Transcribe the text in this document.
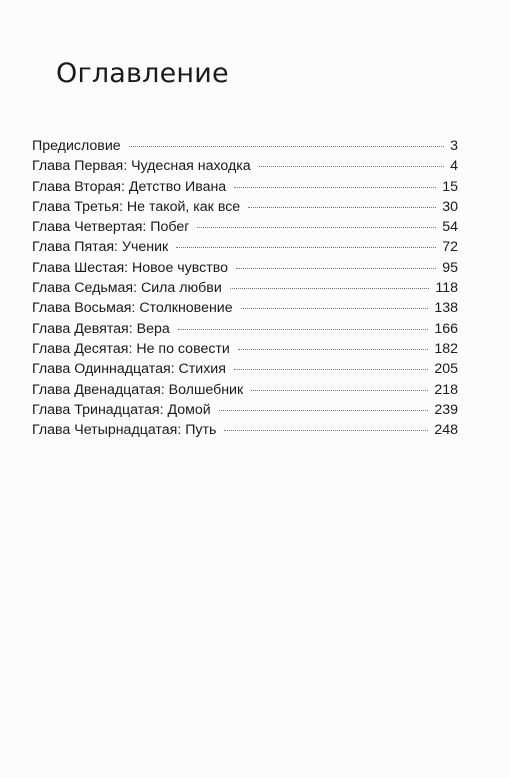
Оглавление
Предисловие	3
Глава Первая: Чудесная находка	4
Глава Вторая: Детство Ивана	15
Глава Третья: Не такой, как все	30
Глава Четвертая: Побег	54
Глава Пятая: Ученик	72
Глава Шестая: Новое чувство	95
Глава Седьмая: Сила любви	118
Глава Восьмая: Столкновение	138
Глава Девятая: Вера	166
Глава Десятая: Не по совести	182
Глава Одиннадцатая: Стихия	205
Глава Двенадцатая: Волшебник	218
Глава Тринадцатая: Домой	239
Глава Четырнадцатая: Путь	248
